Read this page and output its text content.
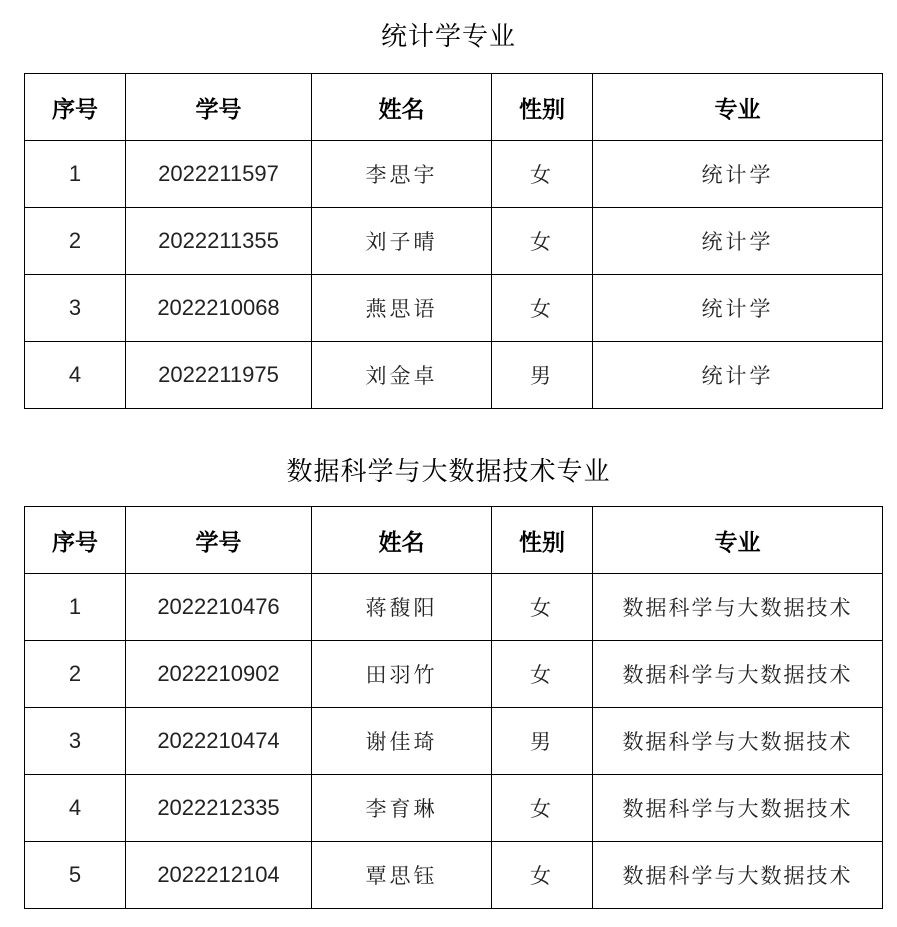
统计学专业
序号	学号	姓名	性别	专业
1	2022211597	李思宇	女	统计学
2	2022211355	刘子晴	女	统计学
3	2022210068	燕思语	女	统计学
4	2022211975	刘金卓	男	统计学
数据科学与大数据技术专业
序号	学号	姓名	性别	专业
1	2022210476	蒋馥阳	女	数据科学与大数据技术
2	2022210902	田羽竹	女	数据科学与大数据技术
3	2022210474	谢佳琦	男	数据科学与大数据技术
4	2022212335	李育琳	女	数据科学与大数据技术
5	2022212104	覃思钰	女	数据科学与大数据技术
